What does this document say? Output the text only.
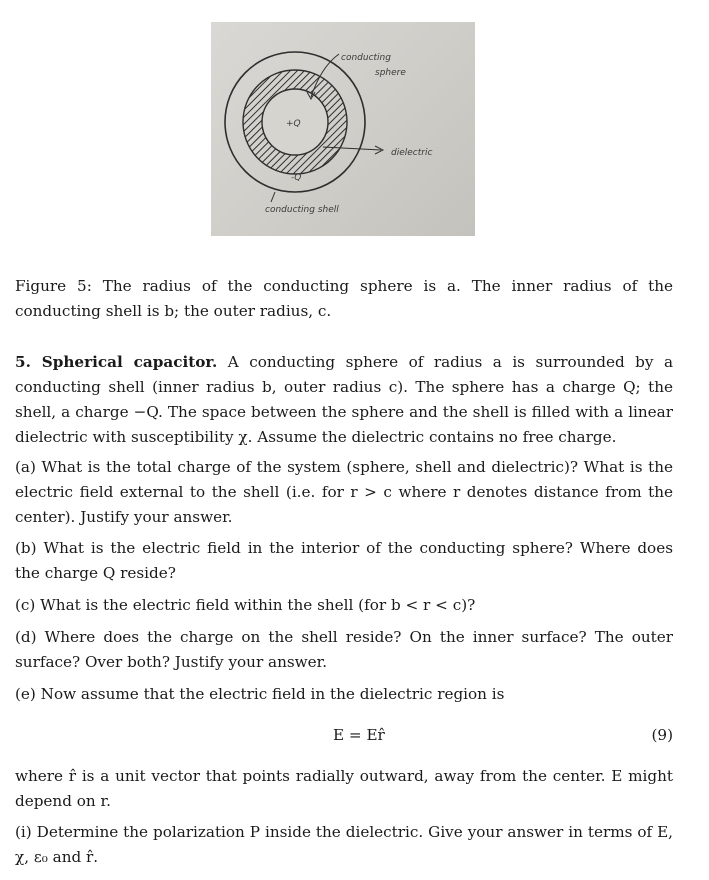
conducting
sphere
dielectric
+Q
-Q
conducting shell

Figure 5: The radius of the conducting sphere is a. The inner radius of the conducting shell is b; the outer radius, c.

5. Spherical capacitor. A conducting sphere of radius a is surrounded by a conducting shell (inner radius b, outer radius c). The sphere has a charge Q; the shell, a charge −Q. The space between the sphere and the shell is filled with a linear dielectric with susceptibility χ. Assume the dielectric contains no free charge.

(a) What is the total charge of the system (sphere, shell and dielectric)? What is the electric field external to the shell (i.e. for r > c where r denotes distance from the center). Justify your answer.

(b) What is the electric field in the interior of the conducting sphere? Where does the charge Q reside?

(c) What is the electric field within the shell (for b < r < c)?

(d) Where does the charge on the shell reside? On the inner surface? The outer surface? Over both? Justify your answer.

(e) Now assume that the electric field in the dielectric region is

E = Er̂	(9)

where r̂ is a unit vector that points radially outward, away from the center. E might depend on r.

(i) Determine the polarization P inside the dielectric. Give your answer in terms of E, χ, ε₀ and r̂.
